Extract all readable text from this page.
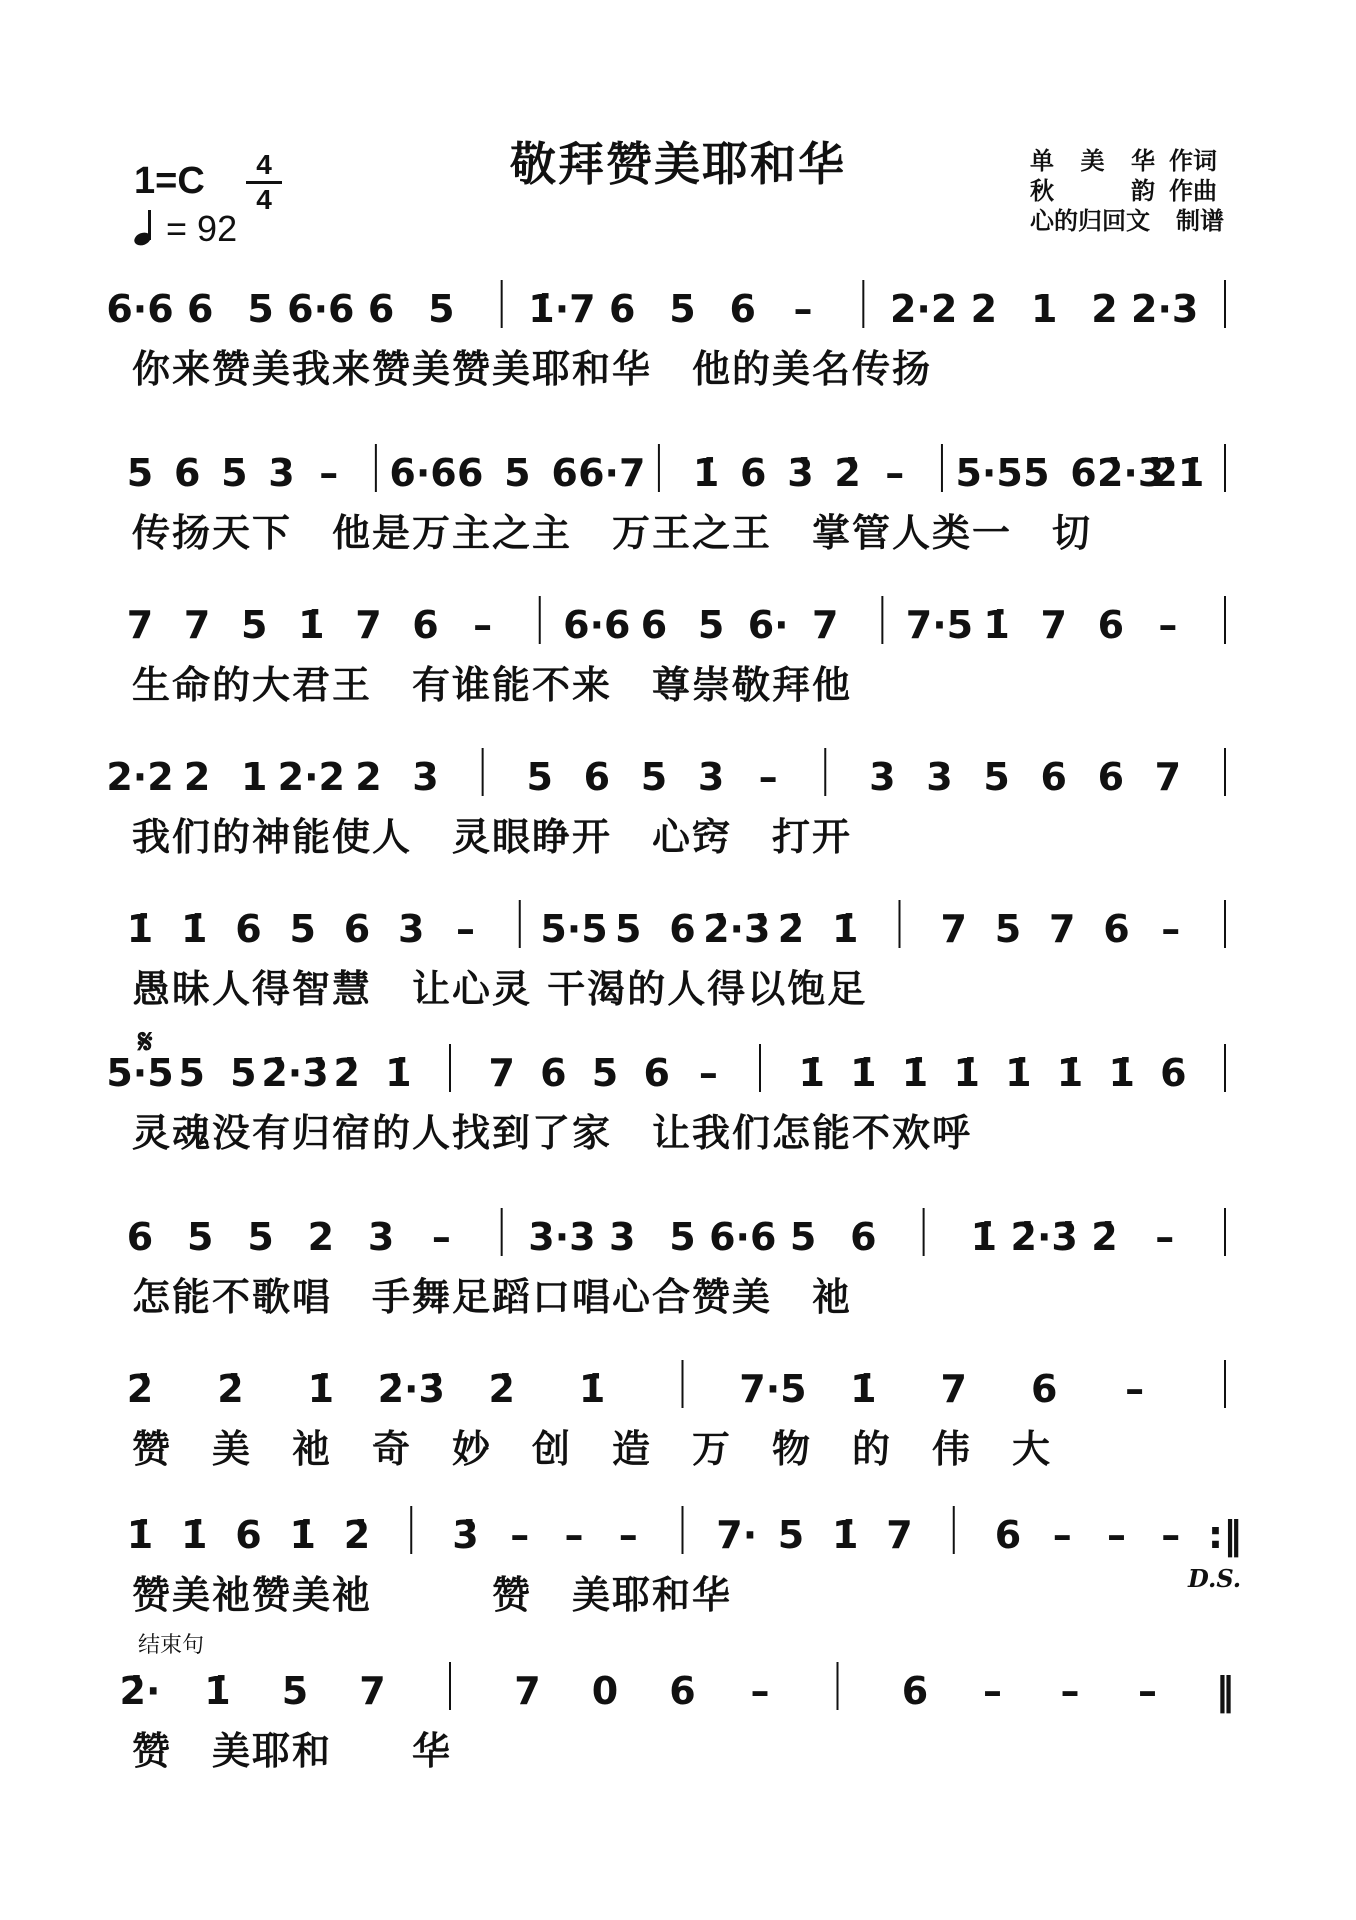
敬拜赞美耶和华
1=C	4
4
= 92
单 美 华 作词
秋	韵 作曲
心的归回文 制谱
6·6 6 5 6·6 6 5 1̇·7 6 5 6 – 2·2 2 1 2 2·3
5 6 5 3 – 6·6 6 5 6 6·7 1̇ 6 3̇ 2̇ – 5·5 5 6 2̇·3̇
2̇1̇
7 7 5 1̇ 7 6 – 6·6 6 5 6· 7 7·5 1̇ 7 6 –
2·2 2 1 2·2 2 3 5 6 5 3 – 3 3 5 6 6 7
1̇ 1̇ 6 5 6 3 – 5·5 5 6 2̇·3̇ 2̇ 1̇ 7 5 7 6 –
5·5 5 5 2̇·3̇ 2̇ 1̇ 7 6 5 6 – 1̇ 1̇ 1̇ 1̇ 1̇ 1̇ 1̇ 6
6 5 5 2 3 – 3·3 3 5 6·6 5 6 1̇ 2̇·3̇ 2̇ –
2̇ 2̇ 1̇ 2̇·3̇ 2̇ 1̇	7·5 1̇ 7 6 –
1̇ 1̇ 6 1̇ 2̇ 3̇ – – – 7· 5 1̇ 7 6 – – – :‖
2̇· 1̇ 5 7	7 0 6 –	6 – – – ‖
𝄋
D.S.
结束句
你来赞美我来赞美赞美耶和华　他的美名传扬
传扬天下　他是万主之主　万王之王　掌管人类一　切
生命的大君王　有谁能不来　尊崇敬拜他
我们的神能使人　灵眼睁开　心窍　打开
愚昧人得智慧　让心灵 干渴的人得以饱足
灵魂没有归宿的人找到了家　让我们怎能不欢呼
怎能不歌唱　手舞足蹈口唱心合赞美　祂
赞　美　祂　奇　妙　创　造　万　物　的　伟　大
赞美祂赞美祂　　　赞　美耶和华
赞　美耶和　　华
